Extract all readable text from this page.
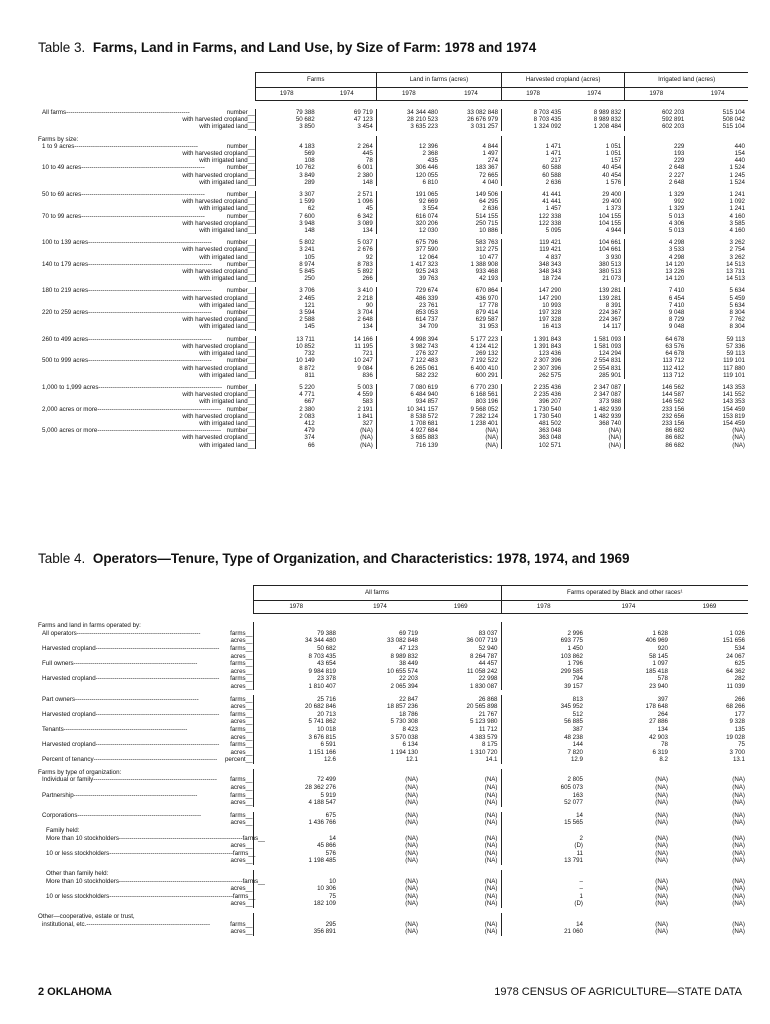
Table 3. Farms, Land in Farms, and Land Use, by Size of Farm: 1978 and 1974
	Farms		Land in farms (acres)		Harvested cropland (acres)		Irrigated land (acres)	
	1978	1974	1978	1974	1978	1974	1978	1974

All farms ------------------------------------------------------------ number __	79 388	69 719	34 344 480	33 082 848	8 703 435	8 989 832	602 203	515 104

with harvested cropland __	50 682	47 123	28 210 523	26 676 979	8 703 435	8 989 832	592 891	508 042

with irrigated land __	3 850	3 454	3 635 223	3 031 257	1 324 092	1 208 484	602 203	515 104

Farms by size:								

1 to 9 acres ------------------------------------------------------------ number __	4 183	2 264	12 396	4 844	1 471	1 051	229	440

with harvested cropland __	569	445	2 368	1 497	1 471	1 051	193	154

with irrigated land __	108	78	435	274	217	157	229	440

10 to 49 acres ------------------------------------------------------------ number __	10 762	6 001	306 446	183 367	60 588	40 454	2 648	1 524

with harvested cropland __	3 849	2 380	120 055	72 665	60 588	40 454	2 227	1 245

with irrigated land __	289	148	6 810	4 040	2 636	1 576	2 648	1 524

50 to 69 acres ------------------------------------------------------------ number __	3 307	2 571	191 065	149 506	41 441	29 400	1 329	1 241

with harvested cropland __	1 599	1 096	92 669	64 295	41 441	29 400	992	1 092

with irrigated land __	62	45	3 554	2 636	1 457	1 373	1 329	1 241

70 to 99 acres ------------------------------------------------------------ number __	7 600	6 342	616 074	514 155	122 338	104 155	5 013	4 160

with harvested cropland __	3 948	3 089	320 206	250 715	122 338	104 155	4 306	3 585

with irrigated land __	148	134	12 030	10 886	5 095	4 944	5 013	4 160

100 to 139 acres ------------------------------------------------------------ number __	5 802	5 037	675 796	583 763	119 421	104 661	4 298	3 262

with harvested cropland __	3 241	2 676	377 590	312 275	119 421	104 661	3 533	2 754

with irrigated land __	105	92	12 064	10 477	4 837	3 930	4 298	3 262

140 to 179 acres ------------------------------------------------------------ number __	8 974	8 783	1 417 323	1 388 908	348 343	380 513	14 120	14 513

with harvested cropland __	5 845	5 892	925 243	933 468	348 343	380 513	13 226	13 731

with irrigated land __	250	266	39 763	42 193	18 724	21 073	14 120	14 513

180 to 219 acres ------------------------------------------------------------ number __	3 706	3 410	729 674	670 864	147 290	139 281	7 410	5 634

with harvested cropland __	2 465	2 218	486 339	436 970	147 290	139 281	6 454	5 459

with irrigated land __	121	90	23 761	17 778	10 993	8 391	7 410	5 634

220 to 259 acres ------------------------------------------------------------ number __	3 594	3 704	853 053	879 414	197 328	224 367	9 048	8 304

with harvested cropland __	2 588	2 648	614 737	629 587	197 328	224 367	8 729	7 762

with irrigated land __	145	134	34 709	31 953	16 413	14 117	9 048	8 304

260 to 499 acres ------------------------------------------------------------ number __	13 711	14 166	4 998 394	5 177 223	1 391 843	1 581 093	64 678	59 113

with harvested cropland __	10 852	11 195	3 982 743	4 124 412	1 391 843	1 581 093	63 576	57 336

with irrigated land __	732	721	276 327	269 132	123 436	124 294	64 678	59 113

500 to 999 acres ------------------------------------------------------------ number __	10 149	10 247	7 122 483	7 192 522	2 307 396	2 554 831	113 712	119 101

with harvested cropland __	8 872	9 084	6 265 061	6 400 410	2 307 396	2 554 831	112 412	117 880

with irrigated land __	811	836	582 232	600 291	262 575	285 901	113 712	119 101

1,000 to 1,999 acres ------------------------------------------------------------ number __	5 220	5 003	7 080 619	6 770 230	2 235 436	2 347 087	146 562	143 353

with harvested cropland __	4 771	4 559	6 484 940	6 168 561	2 235 436	2 347 087	144 587	141 552

with irrigated land __	667	583	934 857	803 196	396 207	373 988	146 562	143 353

2,000 acres or more ------------------------------------------------------------ number __	2 380	2 191	10 341 157	9 568 052	1 730 540	1 482 939	233 156	154 459

with harvested cropland __	2 083	1 841	8 538 572	7 282 124	1 730 540	1 482 939	232 656	153 819

with irrigated land __	412	327	1 708 681	1 238 401	481 502	368 740	233 156	154 459

5,000 acres or more ------------------------------------------------------------ number __	479	(NA)	4 927 684	(NA)	363 048	(NA)	86 682	(NA)

with harvested cropland __	374	(NA)	3 685 883	(NA)	363 048	(NA)	86 682	(NA)

with irrigated land __	66	(NA)	716 139	(NA)	102 571	(NA)	86 682	(NA)
Table 4. Operators—Tenure, Type of Organization, and Characteristics: 1978, 1974, and 1969
	All farms			Farms operated by Black and other races¹		
	1978	1974	1969	1978	1974	1969

Farms and land in farms operated by:						

All operators ------------------------------------------------------------ farms __	79 388	69 719	83 037	2 996	1 628	1 026

acres __	34 344 480	33 082 848	36 007 719	693 775	406 969	151 656

Harvested cropland ------------------------------------------------------------ farms __	50 682	47 123	52 940	1 450	920	534

acres __	8 703 435	8 989 832	8 264 787	103 862	58 145	24 067

Full owners ------------------------------------------------------------ farms __	43 654	38 449	44 457	1 796	1 097	625

acres __	9 984 819	10 655 574	11 058 242	299 585	185 418	64 362

Harvested cropland ------------------------------------------------------------ farms __	23 378	22 203	22 998	794	578	282

acres __	1 810 407	2 065 394	1 830 087	39 157	23 940	11 039

Part owners ------------------------------------------------------------ farms __	25 716	22 847	26 868	813	397	266

acres __	20 682 846	18 857 236	20 565 898	345 952	178 648	68 266

Harvested cropland ------------------------------------------------------------ farms __	20 713	18 786	21 767	512	264	177

acres __	5 741 862	5 730 308	5 123 980	56 885	27 886	9 328

Tenants ------------------------------------------------------------ farms __	10 018	8 423	11 712	387	134	135

acres __	3 676 815	3 570 038	4 383 579	48 238	42 903	19 028

Harvested cropland ------------------------------------------------------------ farms __	6 591	6 134	8 175	144	78	75

acres __	1 151 166	1 194 130	1 310 720	7 820	6 319	3 700

Percent of tenancy ------------------------------------------------------------ percent __	12.6	12.1	14.1	12.9	8.2	13.1

Farms by type of organization:						

Individual or family ------------------------------------------------------------ farms __	72 499	(NA)	(NA)	2 805	(NA)	(NA)

acres __	28 362 276	(NA)	(NA)	605 073	(NA)	(NA)

Partnership ------------------------------------------------------------ farms __	5 919	(NA)	(NA)	163	(NA)	(NA)

acres __	4 188 547	(NA)	(NA)	52 077	(NA)	(NA)

Corporations ------------------------------------------------------------ farms __	675	(NA)	(NA)	14	(NA)	(NA)

acres __	1 436 766	(NA)	(NA)	15 565	(NA)	(NA)
Family held:						

More than 10 stockholders ------------------------------------------------------------ farms __	14	(NA)	(NA)	2	(NA)	(NA)

acres __	45 866	(NA)	(NA)	(D)	(NA)	(NA)

10 or less stockholders ------------------------------------------------------------ farms __	576	(NA)	(NA)	11	(NA)	(NA)

acres __	1 198 485	(NA)	(NA)	13 791	(NA)	(NA)

Other than family held:						

More than 10 stockholders ------------------------------------------------------------ farms __	10	(NA)	(NA)	–	(NA)	(NA)

acres __	10 306	(NA)	(NA)	–	(NA)	(NA)

10 or less stockholders ------------------------------------------------------------ farms __	75	(NA)	(NA)	1	(NA)	(NA)

acres __	182 109	(NA)	(NA)	(D)	(NA)	(NA)

Other—cooperative, estate or trust,						

institutional, etc. ------------------------------------------------------------ farms __	295	(NA)	(NA)	14	(NA)	(NA)

acres __	356 891	(NA)	(NA)	21 060	(NA)	(NA)
2 OKLAHOMA	1978 CENSUS OF AGRICULTURE—STATE DATA
